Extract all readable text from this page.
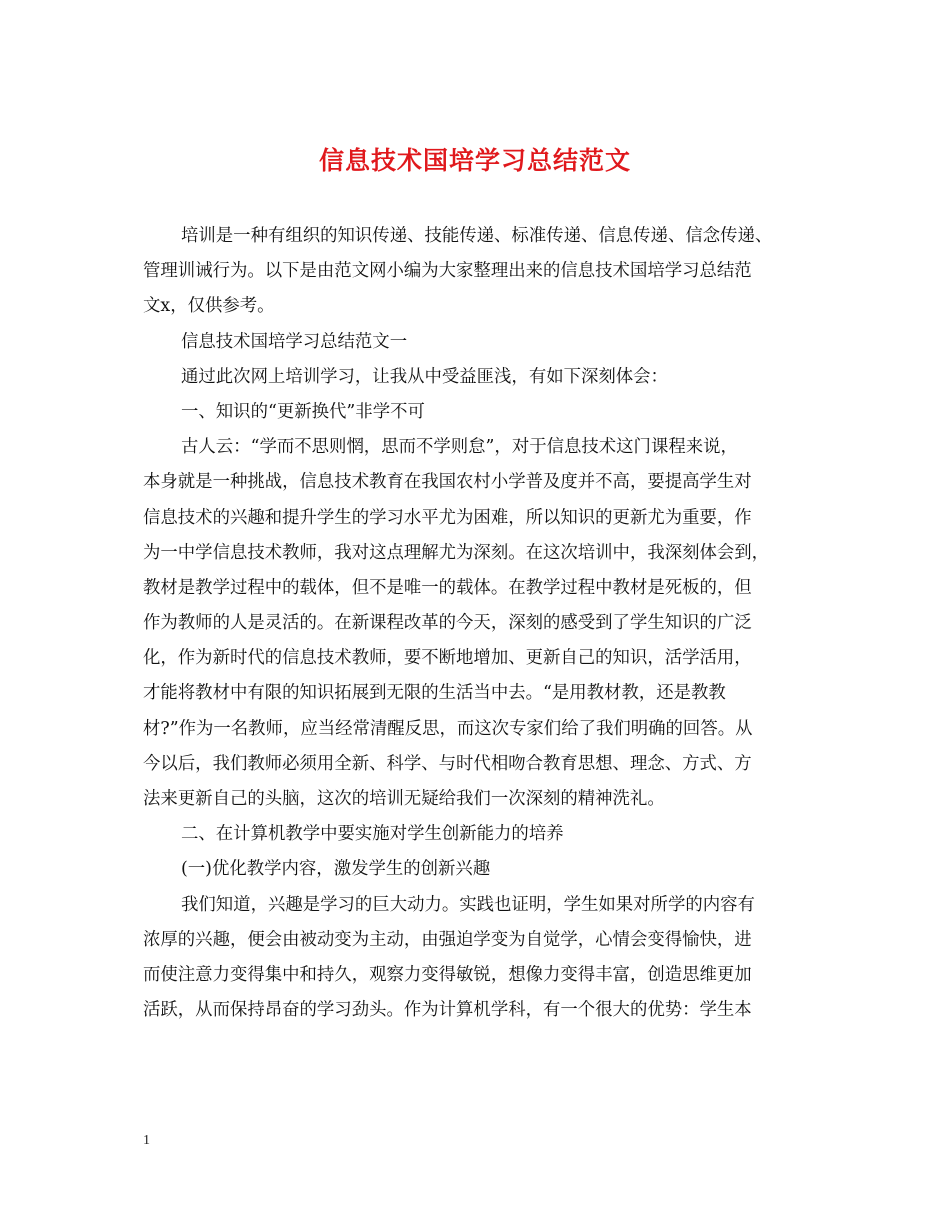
信息技术国培学习总结范文
培训是一种有组织的知识传递、技能传递、标准传递、信息传递、信念传递、
管理训诫行为。以下是由范文网小编为大家整理出来的信息技术国培学习总结范
文x，仅供参考。
信息技术国培学习总结范文一
通过此次网上培训学习，让我从中受益匪浅，有如下深刻体会：
一、知识的“更新换代”非学不可
古人云：“学而不思则惘，思而不学则怠”，对于信息技术这门课程来说，
本身就是一种挑战，信息技术教育在我国农村小学普及度并不高，要提高学生对
信息技术的兴趣和提升学生的学习水平尤为困难，所以知识的更新尤为重要，作
为一中学信息技术教师，我对这点理解尤为深刻。在这次培训中，我深刻体会到，
教材是教学过程中的载体，但不是唯一的载体。在教学过程中教材是死板的，但
作为教师的人是灵活的。在新课程改革的今天，深刻的感受到了学生知识的广泛
化，作为新时代的信息技术教师，要不断地增加、更新自己的知识，活学活用，
才能将教材中有限的知识拓展到无限的生活当中去。“是用教材教，还是教教
材?”作为一名教师，应当经常清醒反思，而这次专家们给了我们明确的回答。从
今以后，我们教师必须用全新、科学、与时代相吻合教育思想、理念、方式、方
法来更新自己的头脑，这次的培训无疑给我们一次深刻的精神洗礼。
二、在计算机教学中要实施对学生创新能力的培养
(一)优化教学内容，激发学生的创新兴趣
我们知道，兴趣是学习的巨大动力。实践也证明，学生如果对所学的内容有
浓厚的兴趣，便会由被动变为主动，由强迫学变为自觉学，心情会变得愉快，进
而使注意力变得集中和持久，观察力变得敏锐，想像力变得丰富，创造思维更加
活跃，从而保持昂奋的学习劲头。作为计算机学科，有一个很大的优势：学生本
1
